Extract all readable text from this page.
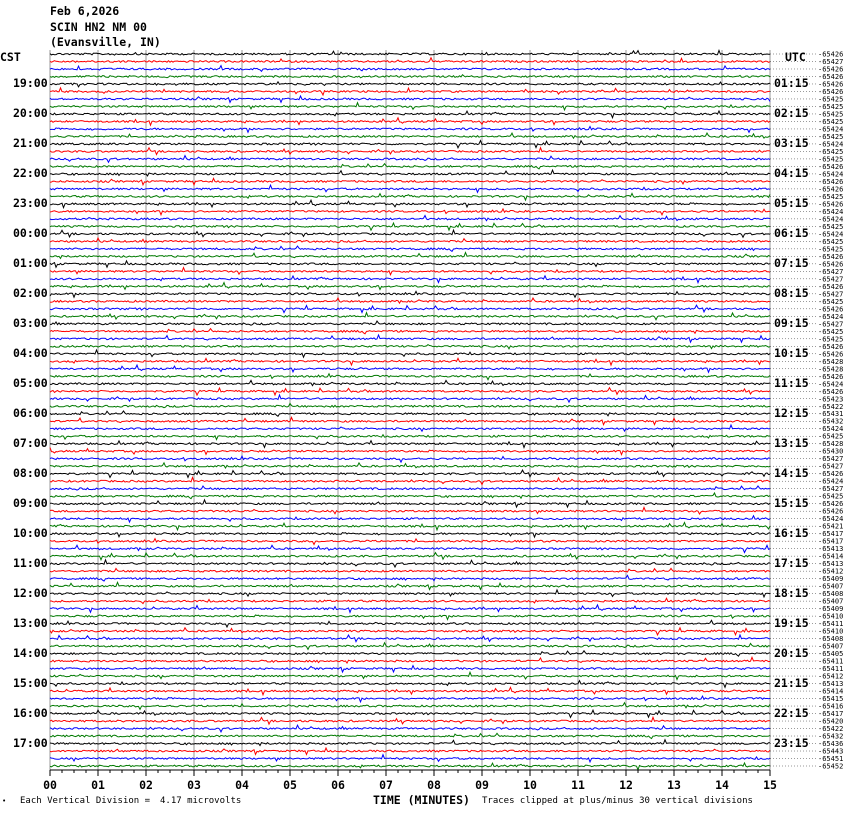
Feb 6,2026
SCIN HN2 NM 00
(Evansville, IN)
CST	UTC
19:00
20:00
21:00
22:00
23:00
00:00
01:00
02:00
03:00
04:00
05:00
06:00
07:00
08:00
09:00
10:00
11:00
12:00
13:00
14:00
15:00
16:00
17:00
01:15
02:15
03:15
04:15
05:15
06:15
07:15
08:15
09:15
10:15
11:15
12:15
13:15
14:15
15:15
16:15
17:15
18:15
19:15
20:15
21:15
22:15
23:15
-65426
-65427
-65426
-65426
-65426
-65426
-65425
-65425
-65425
-65425
-65424
-65425
-65424
-65425
-65425
-65426
-65424
-65426
-65426
-65425
-65426
-65424
-65424
-65425
-65424
-65425
-65425
-65426
-65426
-65427
-65427
-65426
-65427
-65425
-65426
-65424
-65427
-65425
-65425
-65426
-65426
-65428
-65428
-65426
-65424
-65426
-65423
-65422
-65431
-65432
-65424
-65425
-65428
-65430
-65427
-65427
-65426
-65424
-65427
-65425
-65426
-65426
-65424
-65421
-65417
-65417
-65413
-65414
-65413
-65412
-65409
-65407
-65408
-65407
-65409
-65410
-65411
-65410
-65408
-65407
-65405
-65411
-65411
-65412
-65413
-65414
-65415
-65416
-65417
-65420
-65422
-65432
-65436
-65443
-65451
-65452
00	01	02	03	04	05	06	07	08	09	10	11	12	13	14	15
• Each Vertical Division = 4.17 microvolts	TIME (MINUTES) Traces clipped at plus/minus 30 vertical divisions
